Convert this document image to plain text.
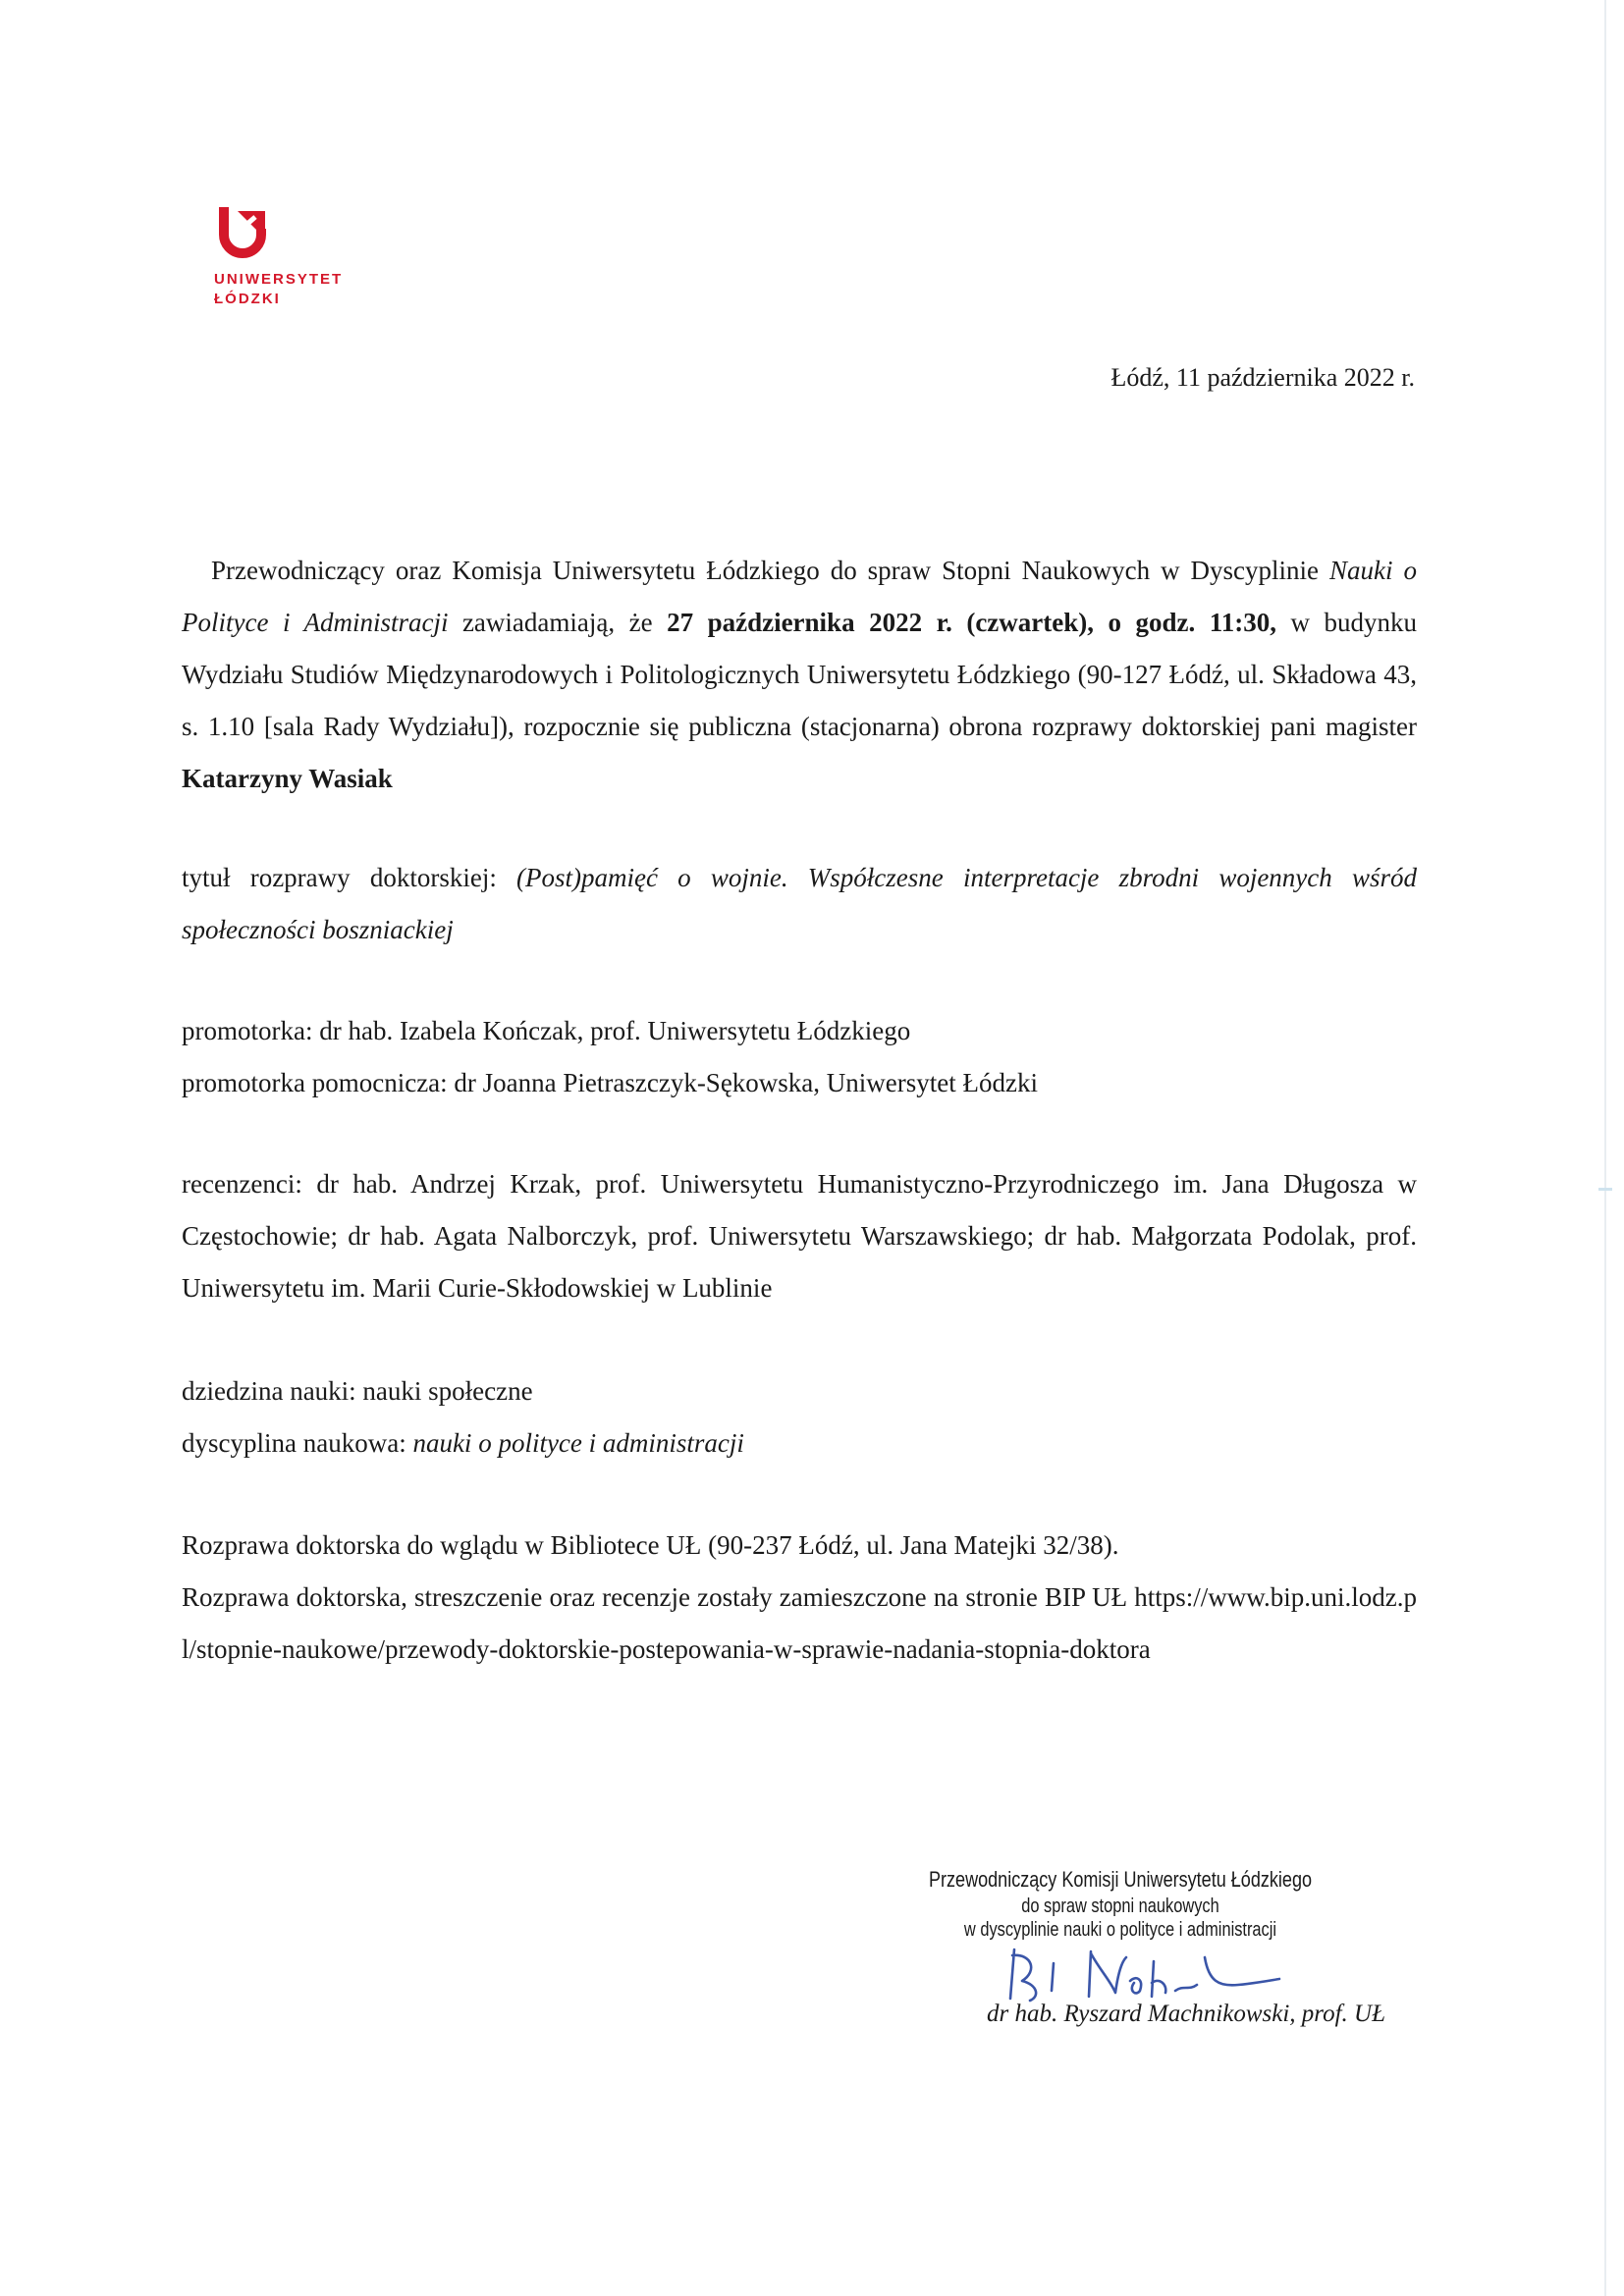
UNIWERSYTET
ŁÓDZKI
Łódź, 11 października 2022 r.

Przewodniczący oraz Komisja Uniwersytetu Łódzkiego do spraw Stopni Naukowych w Dyscyplinie Nauki o Polityce i Administracji zawiadamiają, że 27 października 2022 r. (czwartek), o godz. 11:30, w budynku Wydziału Studiów Międzynarodowych i Politologicznych Uniwersytetu Łódzkiego (90-127 Łódź, ul. Składowa 43, s. 1.10 [sala Rady Wydziału]), rozpocznie się publiczna (stacjonarna) obrona rozprawy doktorskiej pani magister Katarzyny Wasiak

tytuł rozprawy doktorskiej: (Post)pamięć o wojnie. Współczesne interpretacje zbrodni wojennych wśród społeczności boszniackiej

promotorka: dr hab. Izabela Kończak, prof. Uniwersytetu Łódzkiego

promotorka pomocnicza: dr Joanna Pietraszczyk-Sękowska, Uniwersytet Łódzki

recenzenci: dr hab. Andrzej Krzak, prof. Uniwersytetu Humanistyczno-Przyrodniczego im. Jana Długosza w Częstochowie; dr hab. Agata Nalborczyk, prof. Uniwersytetu Warszawskiego; dr hab. Małgorzata Podolak, prof. Uniwersytetu im. Marii Curie-Skłodowskiej w Lublinie

dziedzina nauki: nauki społeczne

dyscyplina naukowa: nauki o polityce i administracji

Rozprawa doktorska do wglądu w Bibliotece UŁ (90-237 Łódź, ul. Jana Matejki 32/38).

Rozprawa doktorska, streszczenie oraz recenzje zostały zamieszczone na stronie BIP UŁ https://www.bip.uni.lodz.pl/stopnie-naukowe/przewody-doktorskie-postepowania-w-sprawie-nadania-stopnia-doktora

Przewodniczący Komisji Uniwersytetu Łódzkiego
do spraw stopni naukowych
w dyscyplinie nauki o polityce i administracji
dr hab. Ryszard Machnikowski, prof. UŁ
